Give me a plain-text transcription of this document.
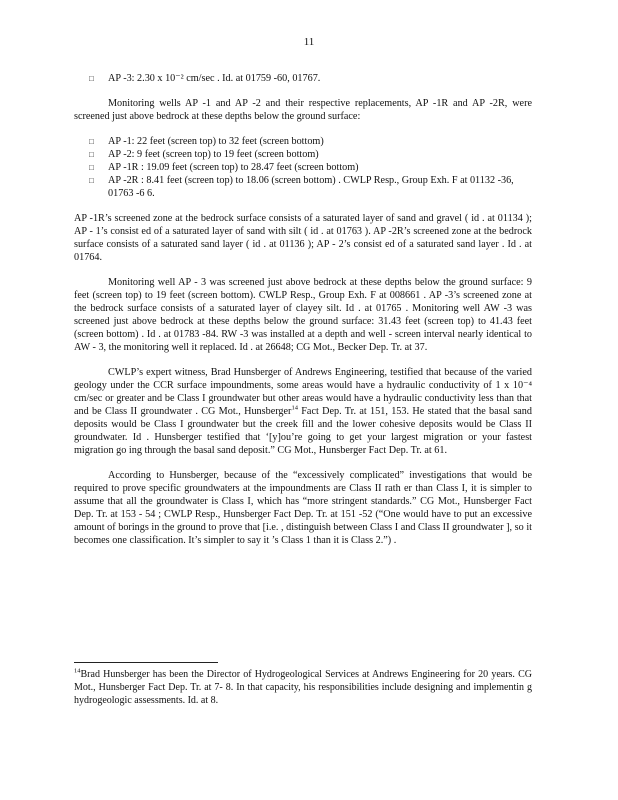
11
□ AP -3: 2.30 x 10⁻² cm/sec . Id. at 01759 -60, 01767.

Monitoring wells AP -1 and AP -2 and their respective replacements, AP -1R and AP -2R, were screened just above bedrock at these depths below the ground surface:

□ AP -1: 22 feet (screen top) to 32 feet (screen bottom)
□ AP -2: 9 feet (screen top) to 19 feet (screen bottom)
□ AP -1R : 19.09 feet (screen top) to 28.47 feet (screen bottom)
□ AP -2R : 8.41 feet (screen top) to 18.06 (screen bottom) . CWLP Resp., Group Exh. F at 01132 -36, 01763 -6 6.

AP -1R’s screened zone at the bedrock surface consists of a saturated layer of sand and gravel ( id . at 01134 ); AP - 1’s consist ed of a saturated layer of sand with silt ( id . at 01763 ). AP -2R’s screened zone at the bedrock surface consists of a saturated sand layer ( id . at 01136 ); AP - 2’s consist ed of a saturated sand layer . Id . at 01764.

Monitoring well AP - 3 was screened just above bedrock at these depths below the ground surface: 9 feet (screen top) to 19 feet (screen bottom). CWLP Resp., Group Exh. F at 008661 . AP -3’s screened zone at the bedrock surface consists of a saturated layer of clayey silt. Id . at 01765 . Monitoring well AW -3 was screened just above bedrock at these depths below the ground surface: 31.43 feet (screen top) to 41.43 feet (screen bottom) . Id . at 01783 -84. RW -3 was installed at a depth and well - screen interval nearly identical to AW - 3, the monitoring well it replaced. Id . at 26648; CG Mot., Becker Dep. Tr. at 37.

CWLP’s expert witness, Brad Hunsberger of Andrews Engineering, testified that because of the varied geology under the CCR surface impoundments, some areas would have a hydraulic conductivity of 1 x 10⁻⁴ cm/sec or greater and be Class I groundwater but other areas would have a hydraulic conductivity less than that and be Class II groundwater . CG Mot., Hunsberger$^{14}$ Fact Dep. Tr. at 151, 153. He stated that the basal sand deposits would be Class I groundwater but the creek fill and the lower cohesive deposits would be Class II groundwater. Id . Hunsberger testified that ‘[y]ou’re going to get your largest migration or your fastest migration go ing through the basal sand deposit.” CG Mot., Hunsberger Fact Dep. Tr. at 61.

According to Hunsberger, because of the “excessively complicated” investigations that would be required to prove specific groundwaters at the impoundments are Class II rath er than Class I, it is simpler to assume that all the groundwater is Class I, which has “more stringent standards.” CG Mot., Hunsberger Fact Dep. Tr. at 153 - 54 ; CWLP Resp., Hunsberger Fact Dep. Tr. at 151 -52 (“One would have to put an excessive amount of borings in the ground to prove that [i.e. , distinguish between Class I and Class II groundwater ], so it becomes one classification. It’s simpler to say it ’s Class 1 than it is Class 2.”) .

$^{14}$Brad Hunsberger has been the Director of Hydrogeological Services at Andrews Engineering for 20 years. CG Mot., Hunsberger Fact Dep. Tr. at 7- 8. In that capacity, his responsibilities include designing and implementin g hydrogeologic assessments. Id. at 8.
